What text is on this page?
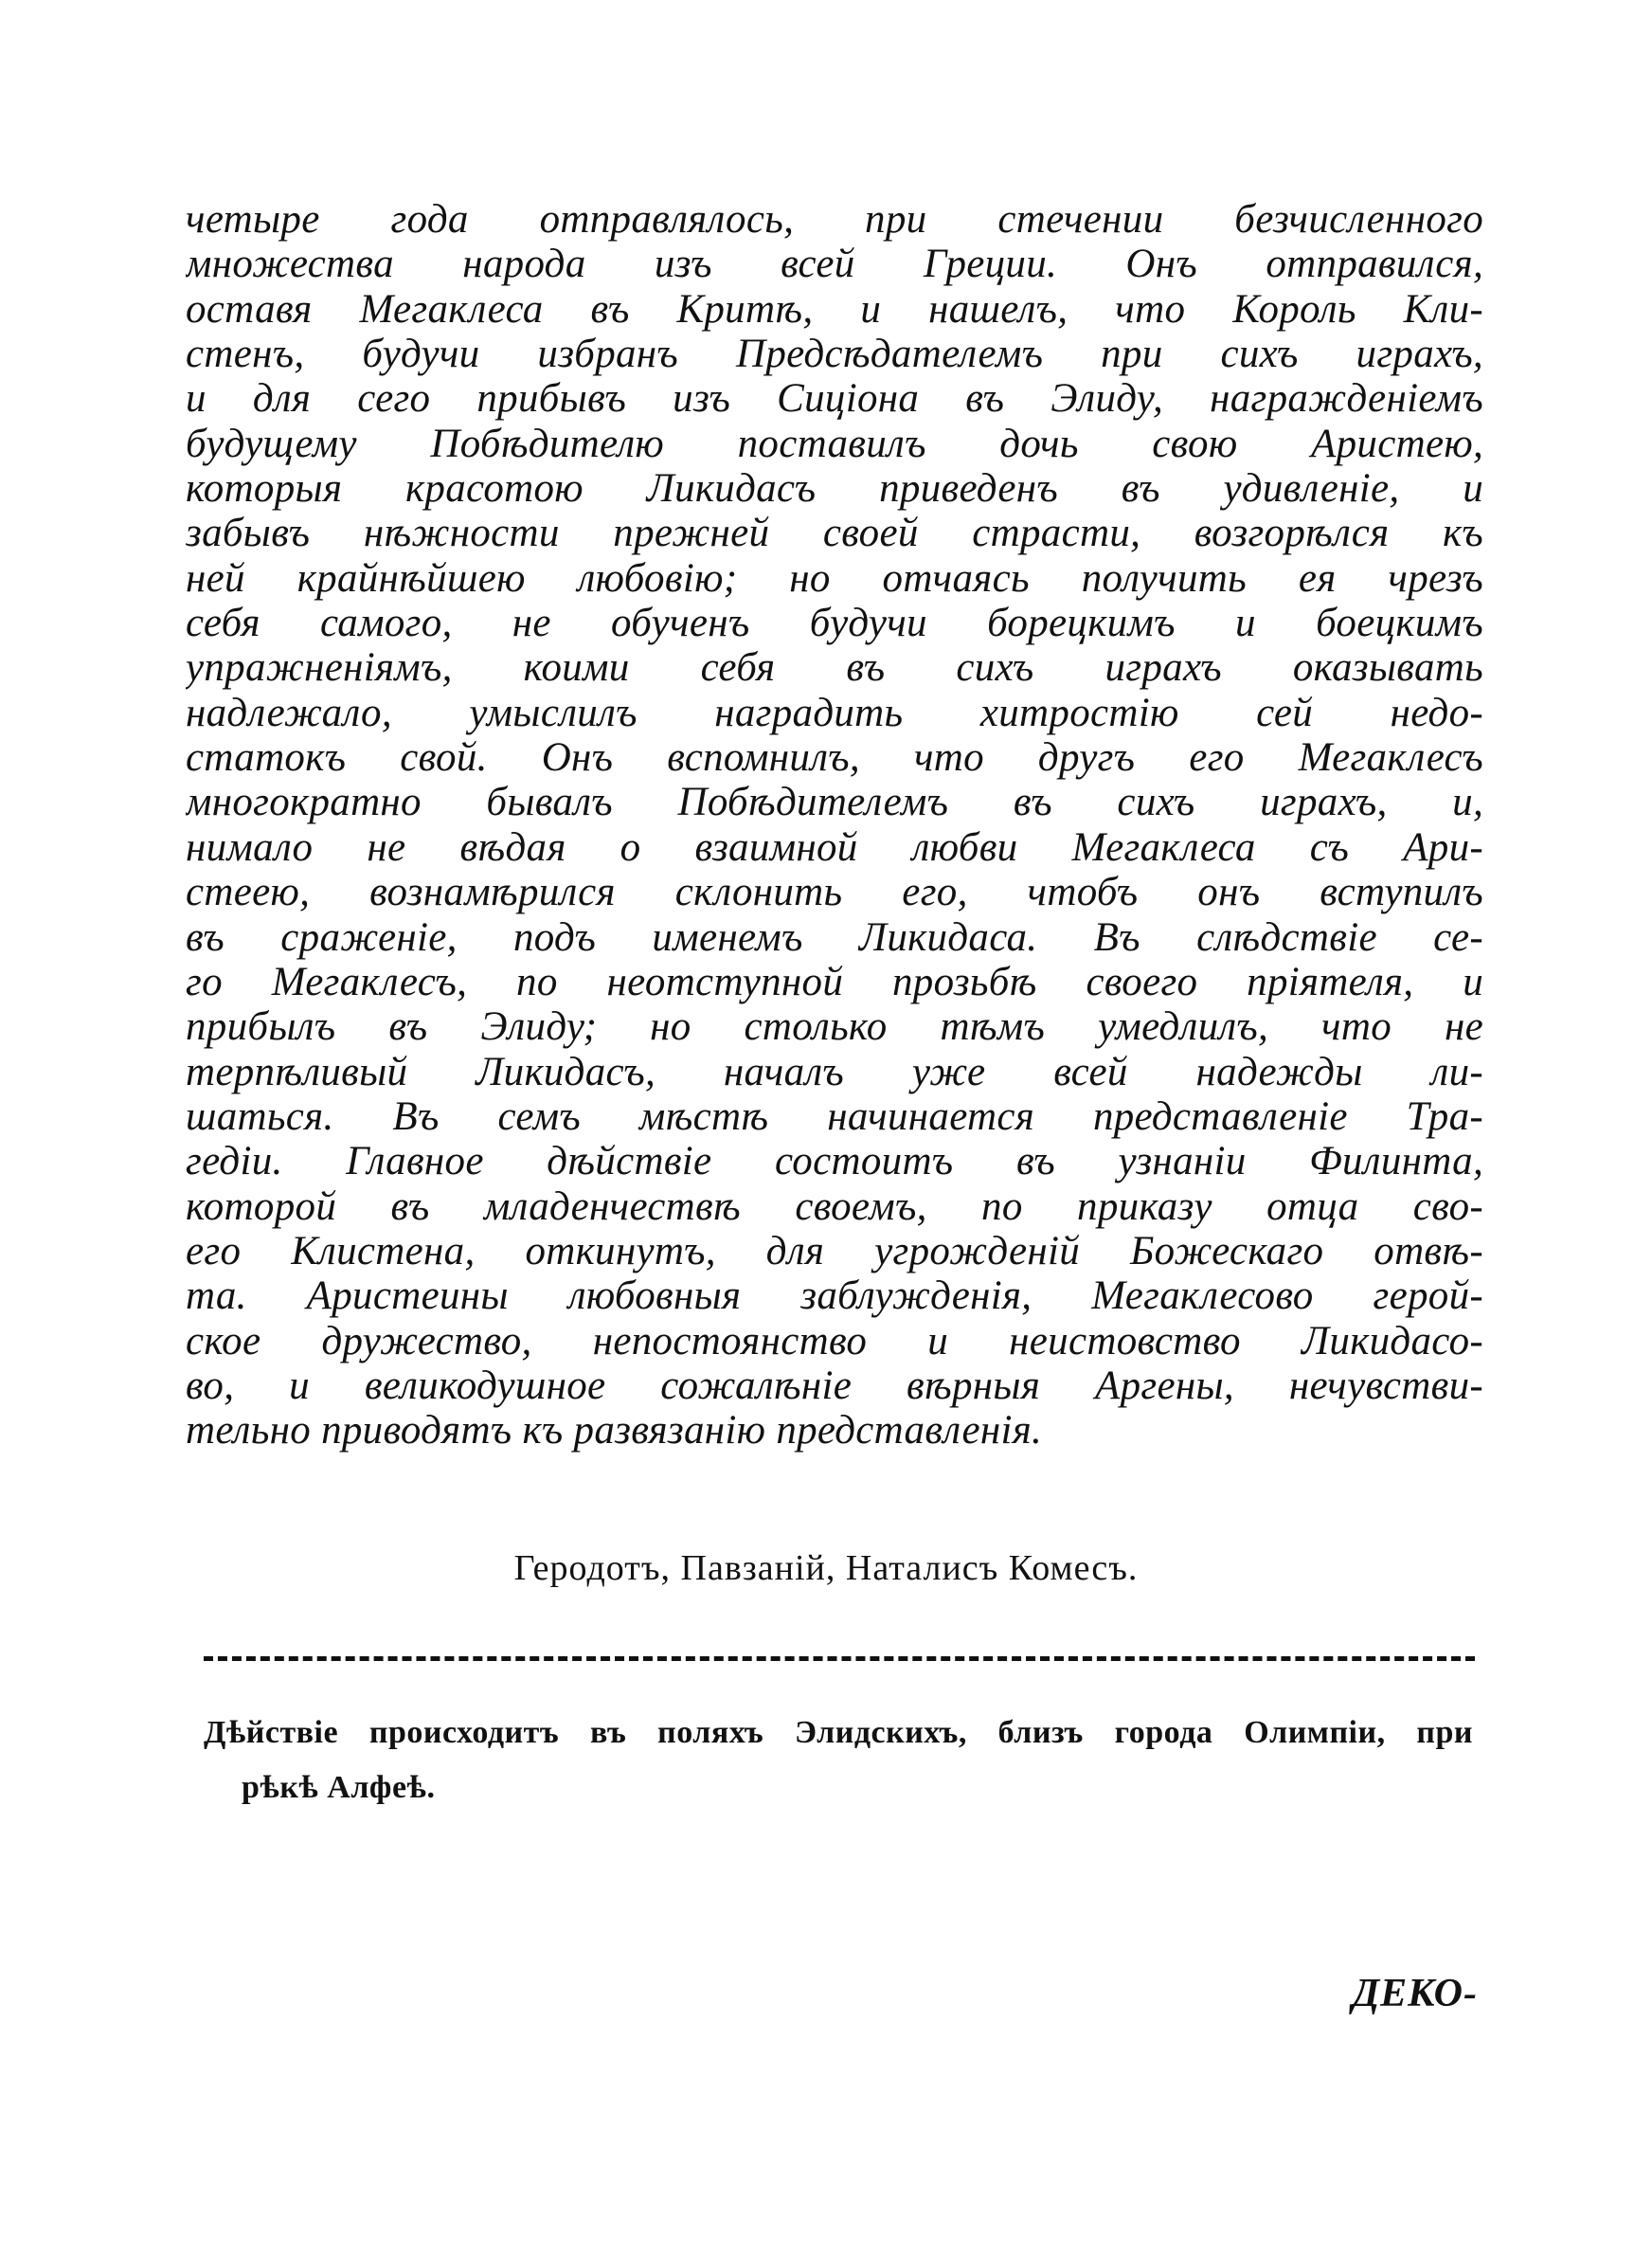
четыре года отправлялось, при стечении безчисленного
множества народа изъ всей Греции. Онъ отправился,
оставя Мегаклеса въ Критѣ, и нашелъ, что Король Кли-
стенъ, будучи избранъ Предсѣдателемъ при сихъ играхъ,
и для сего прибывъ изъ Сиціона въ Элиду, награжденіемъ
будущему Побѣдителю поставилъ дочь свою Аристею,
которыя красотою Ликидасъ приведенъ въ удивленіе, и
забывъ нѣжности прежней своей страсти, возгорѣлся къ
ней крайнѣйшею любовію; но отчаясь получить ея чрезъ
себя самого, не обученъ будучи борецкимъ и боецкимъ
упражненіямъ, коими себя въ сихъ играхъ оказывать
надлежало, умыслилъ наградить хитростію сей недо-
статокъ свой. Онъ вспомнилъ, что другъ его Мегаклесъ
многократно бывалъ Побѣдителемъ въ сихъ играхъ, и,
нимало не вѣдая о взаимной любви Мегаклеса съ Ари-
стеею, вознамѣрился склонить его, чтобъ онъ вступилъ
въ сраженіе, подъ именемъ Ликидаса. Въ слѣдствіе се-
го Мегаклесъ, по неотступной прозьбѣ своего пріятеля, и
прибылъ въ Элиду; но столько тѣмъ умедлилъ, что не
терпѣливый Ликидасъ, началъ уже всей надежды ли-
шаться. Въ семъ мѣстѣ начинается представленіе Тра-
гедіи. Главное дѣйствіе состоитъ въ узнаніи Филинта,
которой въ младенчествѣ своемъ, по приказу отца сво-
его Клистена, откинутъ, для угрожденій Божескаго отвѣ-
та. Аристеины любовныя заблужденія, Мегаклесово герой-
ское дружество, непостоянство и неистовство Ликидасо-
во, и великодушное сожалѣніе вѣрныя Аргены, нечувстви-
тельно приводятъ къ развязанію представленія.
Геродотъ, Павзаній, Наталисъ Комесъ.
Дѣйствіе происходитъ въ поляхъ Элидскихъ, близъ города Олимпіи, при
рѣкѣ Алфеѣ.
ДЕКО-
